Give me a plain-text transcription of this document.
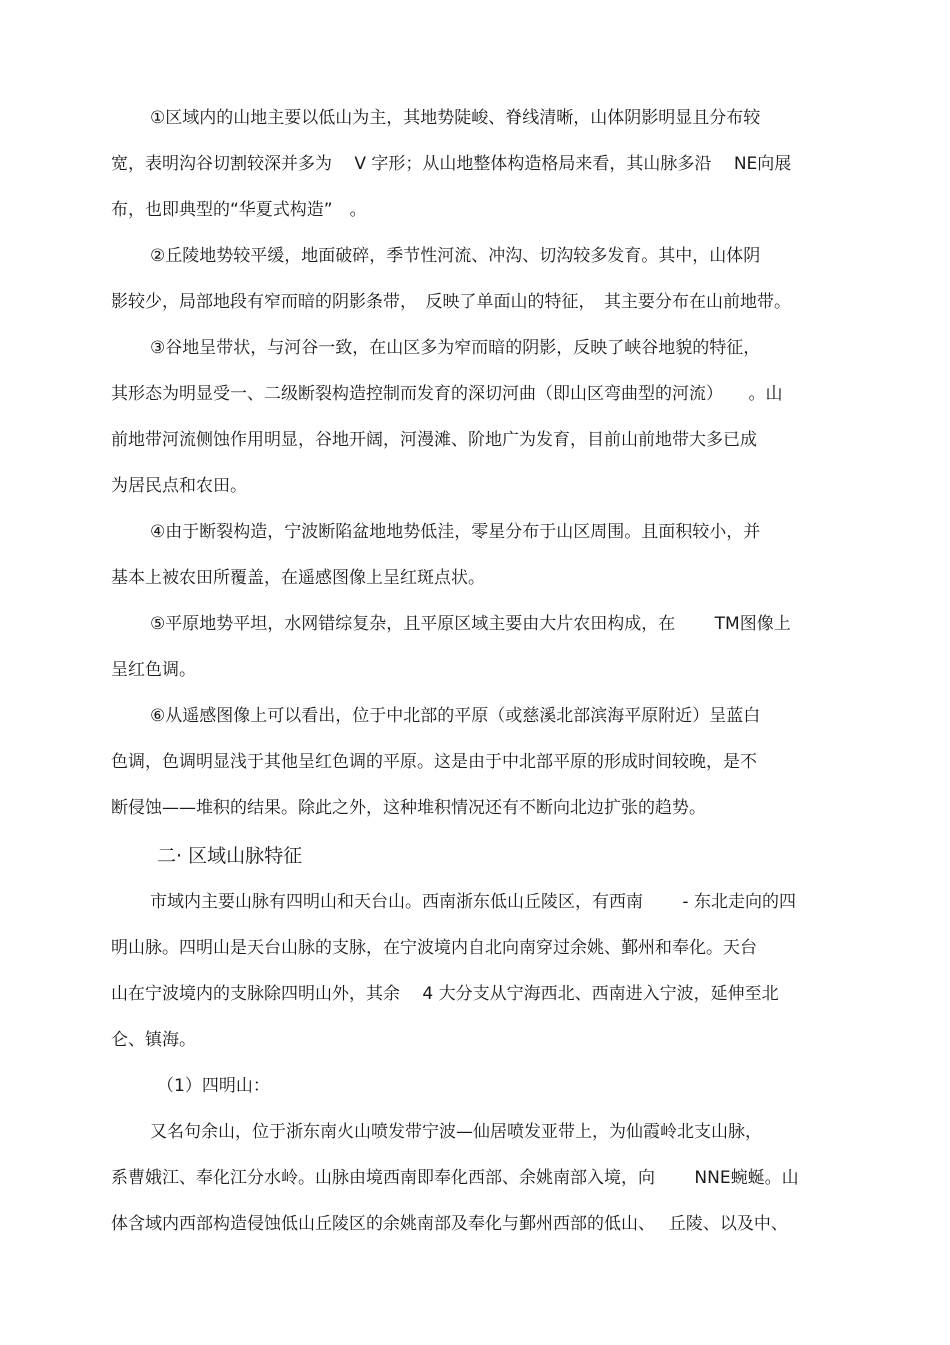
①区域内的山地主要以低山为主，其地势陡峻、脊线清晰，山体阴影明显且分布较
宽，表明沟谷切割较深并多为　 V 字形；从山地整体构造格局来看，其山脉多沿　 NE向展
布，也即典型的“华夏式构造”　。
②丘陵地势较平缓，地面破碎，季节性河流、冲沟、切沟较多发育。其中，山体阴
影较少，局部地段有窄而暗的阴影条带，　反映了单面山的特征，　其主要分布在山前地带。
③谷地呈带状，与河谷一致，在山区多为窄而暗的阴影，反映了峡谷地貌的特征，
其形态为明显受一、二级断裂构造控制而发育的深切河曲（即山区弯曲型的河流）　　。山
前地带河流侧蚀作用明显，谷地开阔，河漫滩、阶地广为发育，目前山前地带大多已成
为居民点和农田。
④由于断裂构造，宁波断陷盆地地势低洼，零星分布于山区周围。且面积较小，并
基本上被农田所覆盖，在遥感图像上呈红斑点状。
⑤平原地势平坦，水网错综复杂，且平原区域主要由大片农田构成，在　　 TM图像上
呈红色调。
⑥从遥感图像上可以看出，位于中北部的平原（或慈溪北部滨海平原附近）呈蓝白
色调，色调明显浅于其他呈红色调的平原。这是由于中北部平原的形成时间较晚，是不
断侵蚀——堆积的结果。除此之外，这种堆积情况还有不断向北边扩张的趋势。
二· 区域山脉特征
市域内主要山脉有四明山和天台山。西南浙东低山丘陵区，有西南　　 - 东北走向的四
明山脉。四明山是天台山脉的支脉，在宁波境内自北向南穿过余姚、鄞州和奉化。天台
山在宁波境内的支脉除四明山外，其余　 4 大分支从宁海西北、西南进入宁波，延伸至北
仑、镇海。
（1）四明山：
又名句余山，位于浙东南火山喷发带宁波—仙居喷发亚带上，为仙霞岭北支山脉，
系曹娥江、奉化江分水岭。山脉由境西南即奉化西部、余姚南部入境，向　　 NNE蜿蜒。山
体含域内西部构造侵蚀低山丘陵区的余姚南部及奉化与鄞州西部的低山、　 丘陵、以及中、
